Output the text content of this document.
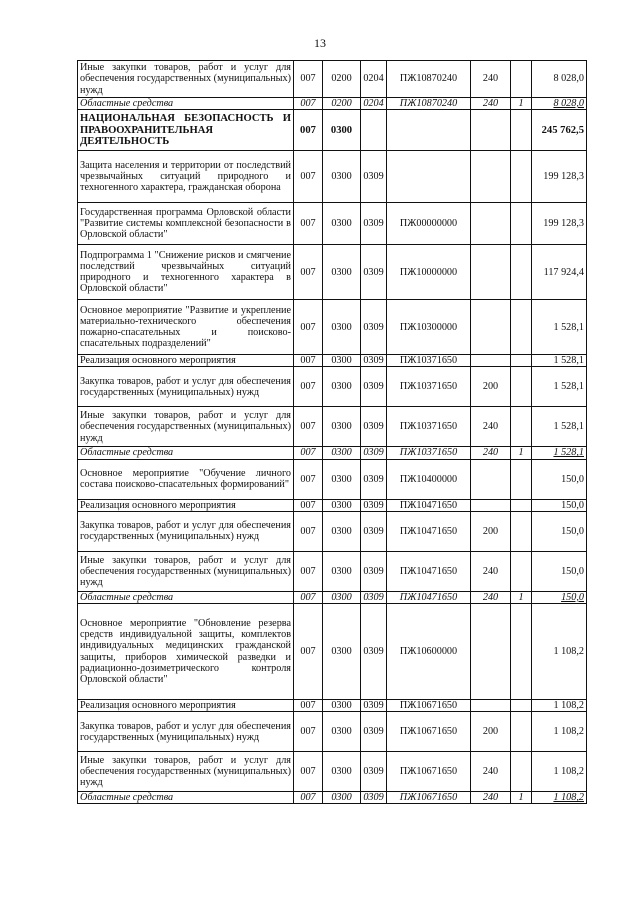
13
Иные закупки товаров, работ и услуг для обеспечения государственных (муниципальных) нужд	007	0200	0204	ПЖ10870240	240		8 028,0
Областные средства	007	0200	0204	ПЖ10870240	240	1	8 028,0
НАЦИОНАЛЬНАЯ БЕЗОПАСНОСТЬ И ПРАВООХРАНИТЕЛЬНАЯ ДЕЯТЕЛЬНОСТЬ	007	0300					245 762,5
Защита населения и территории от последствий чрезвычайных ситуаций природного и техногенного характера, гражданская оборона	007	0300	0309				199 128,3
Государственная программа Орловской области "Развитие системы комплексной безопасности в Орловской области"	007	0300	0309	ПЖ00000000			199 128,3
Подпрограмма 1 "Снижение рисков и смягчение последствий чрезвычайных ситуаций природного и техногенного характера в Орловской области"	007	0300	0309	ПЖ10000000			117 924,4
Основное мероприятие "Развитие и укрепление материально-технического обеспечения пожарно-спасательных и поисково-спасательных подразделений"	007	0300	0309	ПЖ10300000			1 528,1
Реализация основного мероприятия	007	0300	0309	ПЖ10371650			1 528,1
Закупка товаров, работ и услуг для обеспечения государственных (муниципальных) нужд	007	0300	0309	ПЖ10371650	200		1 528,1
Иные закупки товаров, работ и услуг для обеспечения государственных (муниципальных) нужд	007	0300	0309	ПЖ10371650	240		1 528,1
Областные средства	007	0300	0309	ПЖ10371650	240	1	1 528,1
Основное мероприятие "Обучение личного состава поисково-спасательных формирований"	007	0300	0309	ПЖ10400000			150,0
Реализация основного мероприятия	007	0300	0309	ПЖ10471650			150,0
Закупка товаров, работ и услуг для обеспечения государственных (муниципальных) нужд	007	0300	0309	ПЖ10471650	200		150,0
Иные закупки товаров, работ и услуг для обеспечения государственных (муниципальных) нужд	007	0300	0309	ПЖ10471650	240		150,0
Областные средства	007	0300	0309	ПЖ10471650	240	1	150,0
Основное мероприятие "Обновление резерва средств индивидуальной защиты, комплектов индивидуальных медицинских гражданской защиты, приборов химической разведки и радиационно-дозиметрического контроля Орловской области"	007	0300	0309	ПЖ10600000			1 108,2
Реализация основного мероприятия	007	0300	0309	ПЖ10671650			1 108,2
Закупка товаров, работ и услуг для обеспечения государственных (муниципальных) нужд	007	0300	0309	ПЖ10671650	200		1 108,2
Иные закупки товаров, работ и услуг для обеспечения государственных (муниципальных) нужд	007	0300	0309	ПЖ10671650	240		1 108,2
Областные средства	007	0300	0309	ПЖ10671650	240	1	1 108,2
